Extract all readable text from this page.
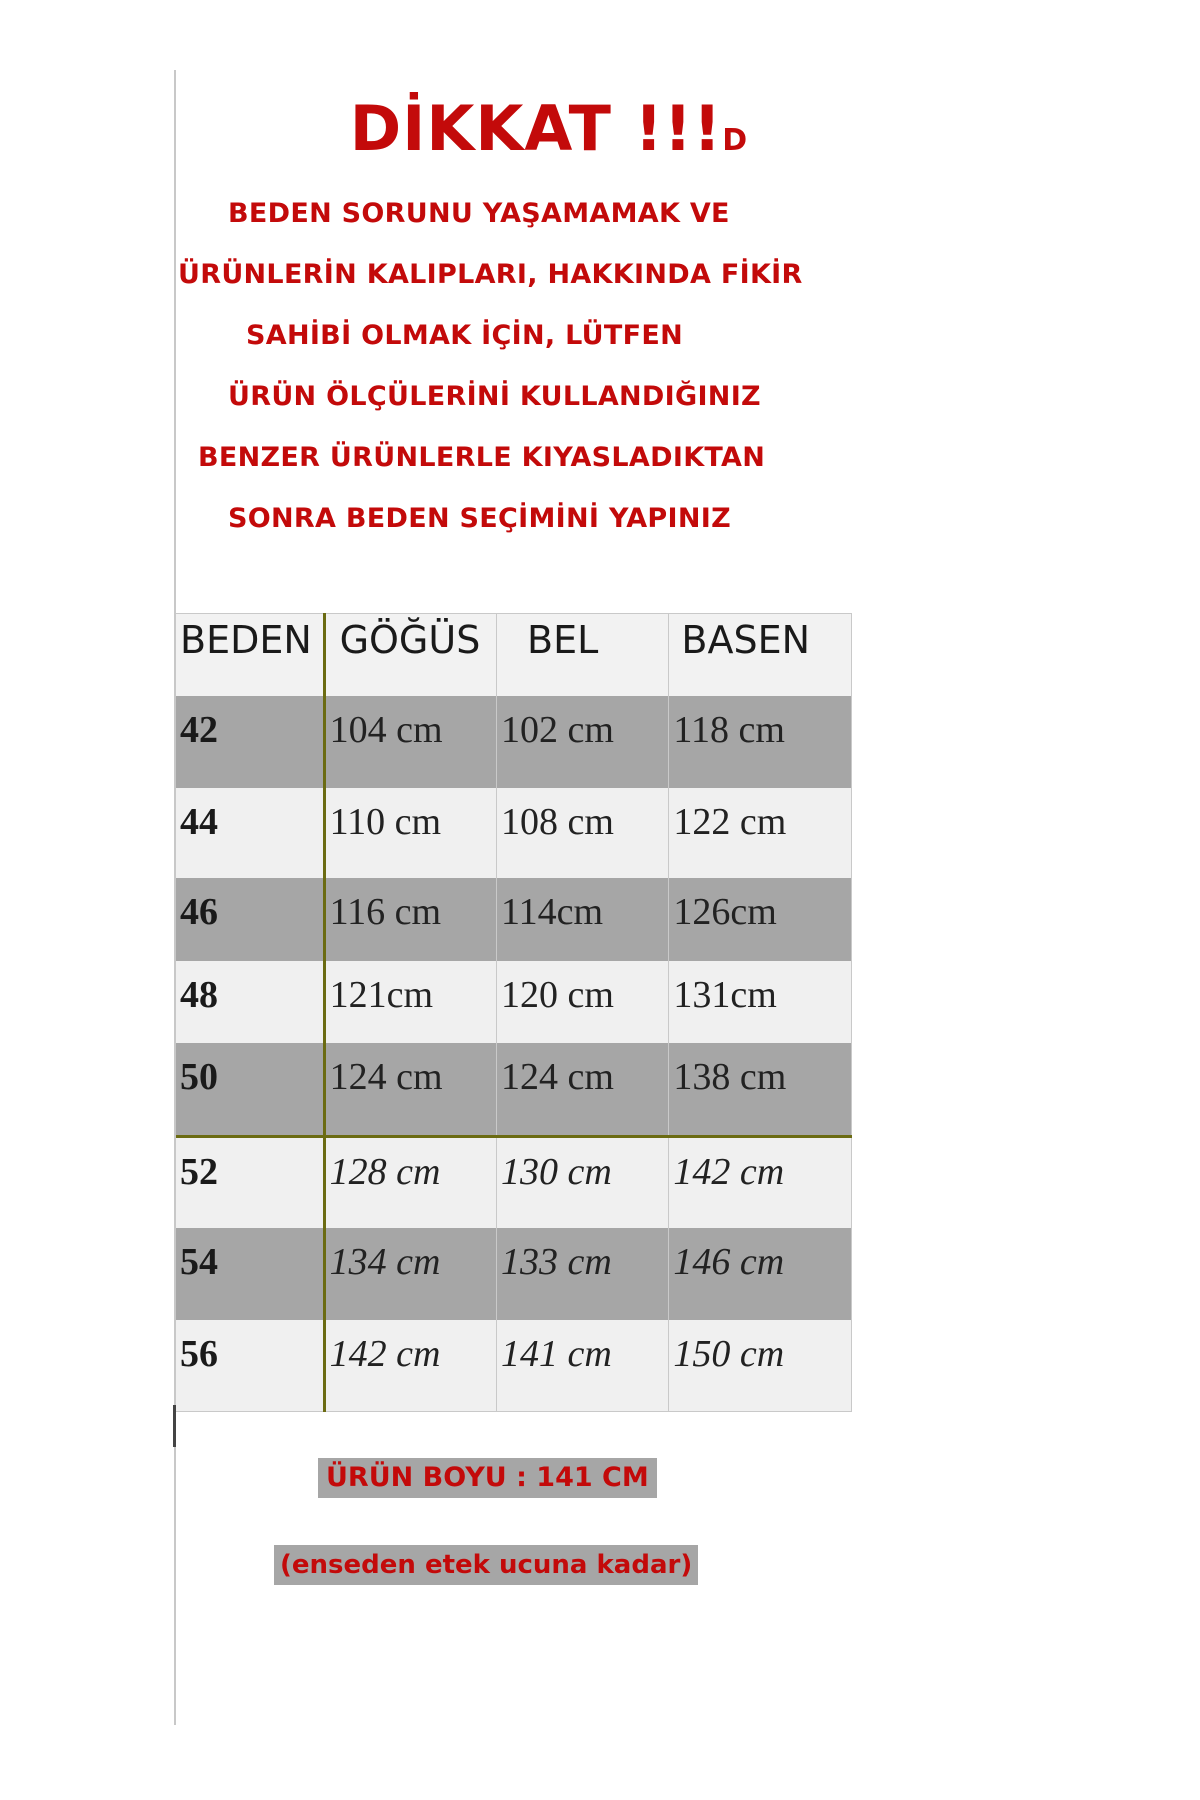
DİKKAT !!!D
BEDEN SORUNU YAŞAMAMAK VE
ÜRÜNLERİN KALIPLARI, HAKKINDA FİKİR
SAHİBİ OLMAK İÇİN, LÜTFEN
ÜRÜN ÖLÇÜLERİNİ KULLANDIĞINIZ
BENZER ÜRÜNLERLE KIYASLADIKTAN
SONRA BEDEN SEÇİMİNİ YAPINIZ
BEDEN	GÖĞÜS	BEL	BASEN
42	104 cm	102 cm	118 cm
44	110 cm	108 cm	122 cm
46	116 cm	114cm	126cm
48	121cm	120 cm	131cm
50	124 cm	124 cm	138 cm
52	128 cm	130 cm	142 cm
54	134 cm	133 cm	146 cm
56	142 cm	141 cm	150 cm
ÜRÜN BOYU : 141 CM
(enseden etek ucuna kadar)
